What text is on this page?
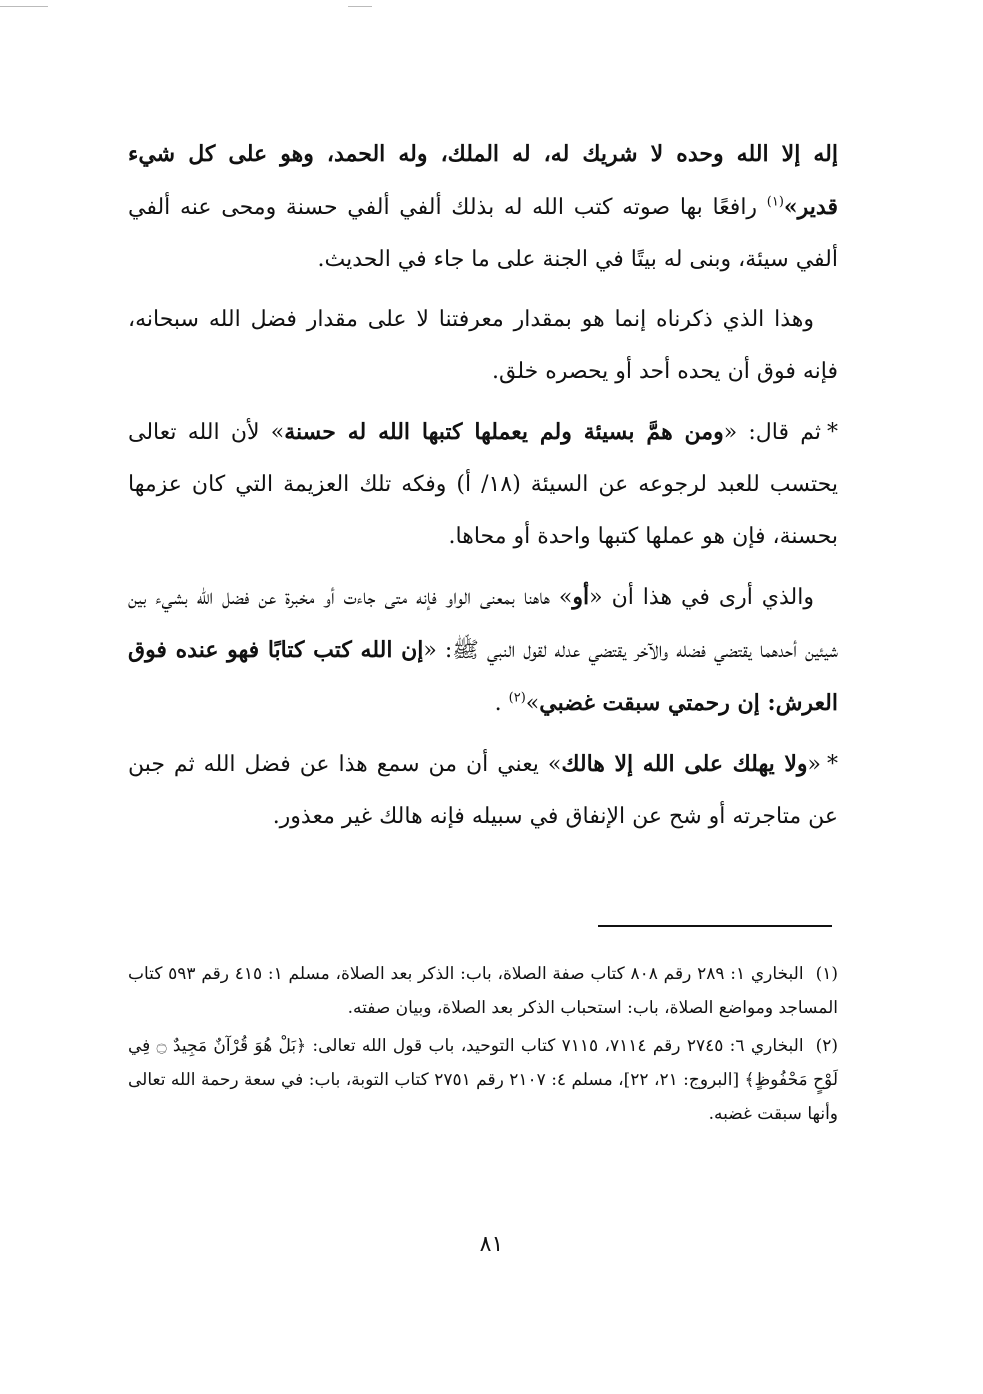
إله إلا الله وحده لا شريك له، له الملك، وله الحمد، وهو على كل شيء قدير»$^{(١)}$ رافعًا بها صوته كتب الله له بذلك ألفي ألفي حسنة ومحى عنه ألفي ألفي سيئة، وبنى له بيتًا في الجنة على ما جاء في الحديث.

وهذا الذي ذكرناه إنما هو بمقدار معرفتنا لا على مقدار فضل الله سبحانه، فإنه فوق أن يحده أحد أو يحصره خلق.

*ثم قال: «ومن همَّ بسيئة ولم يعملها كتبها الله له حسنة» لأن الله تعالى يحتسب للعبد لرجوعه عن السيئة (١٨/ أ) وفكه تلك العزيمة التي كان عزمها بحسنة، فإن هو عملها كتبها واحدة أو محاها.

والذي أرى في هذا أن «أو» هاهنا بمعنى الواو فإنه متى جاءت أو مخبرة عن فضل الله بشيء بين شيئين أحدهما يقتضي فضله والآخر يقتضي عدله لقول النبي ﷺ: «إن الله كتب كتابًا فهو عنده فوق العرش: إن رحمتي سبقت غضبي»$^{(٢)}$ .

*«ولا يهلك على الله إلا هالك» يعني أن من سمع هذا عن فضل الله ثم جبن عن متاجرته أو شح عن الإنفاق في سبيله فإنه هالك غير معذور.

(١)البخاري ١: ٢٨٩ رقم ٨٠٨ كتاب صفة الصلاة، باب: الذكر بعد الصلاة، مسلم ١: ٤١٥ رقم ٥٩٣ كتاب المساجد ومواضع الصلاة، باب: استحباب الذكر بعد الصلاة، وبيان صفته.

(٢)البخاري ٦: ٢٧٤٥ رقم ٧١١٤، ٧١١٥ كتاب التوحيد، باب قول الله تعالى: ﴿بَلْ هُوَ قُرْآنٌ مَجِيدٌ ۝ فِي لَوْحٍ مَحْفُوظٍ﴾ [البروج: ٢١، ٢٢]، مسلم ٤: ٢١٠٧ رقم ٢٧٥١ كتاب التوبة، باب: في سعة رحمة الله تعالى وأنها سبقت غضبه.

٨١
